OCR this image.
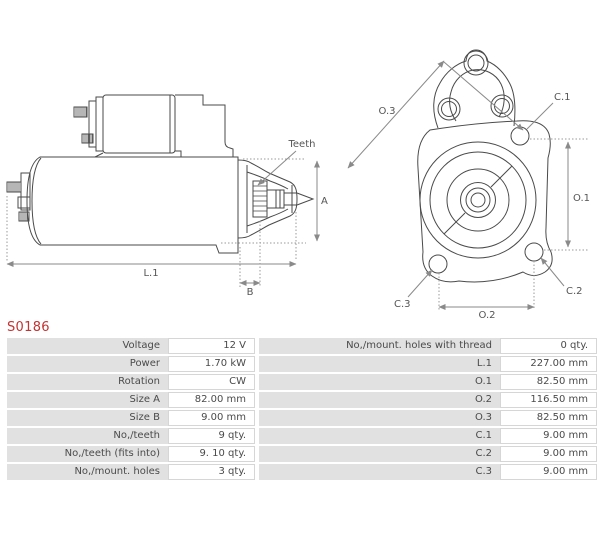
L.1
B
A
Teeth
O.3
C.1
O.1
O.2
C.2
C.3
S0186
Voltage	12 V
Power	1.70 kW
Rotation	CW
Size A	82.00 mm
Size B	9.00 mm
No,/teeth	9 qty.
No,/teeth (fits into)	9. 10 qty.
No,/mount. holes	3 qty.
No,/mount. holes with thread	0 qty.
L.1	227.00 mm
O.1	82.50 mm
O.2	116.50 mm
O.3	82.50 mm
C.1	9.00 mm
C.2	9.00 mm
C.3	9.00 mm
